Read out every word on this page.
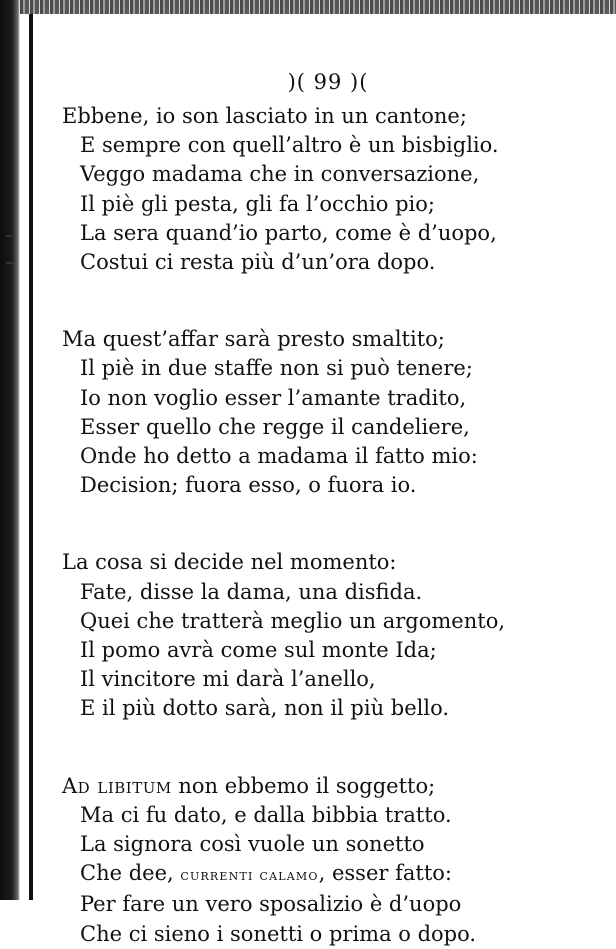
)( 99 )(
Ebbene, io son lasciato in un cantone;
E sempre con quell’altro è un bisbiglio.
Veggo madama che in conversazione,
Il piè gli pesta, gli fa l’occhio pio;
La sera quand’io parto, come è d’uopo,
Costui ci resta più d’un’ora dopo.
Ma quest’affar sarà presto smaltito;
Il piè in due staffe non si può tenere;
Io non voglio esser l’amante tradito,
Esser quello che regge il candeliere,
Onde ho detto a madama il fatto mio:
Decision; fuora esso, o fuora io.
La cosa si decide nel momento:
Fate, disse la dama, una disfida.
Quei che tratterà meglio un argomento,
Il pomo avrà come sul monte Ida;
Il vincitore mi darà l’anello,
E il più dotto sarà, non il più bello.
Ad libitum non ebbemo il soggetto;
Ma ci fu dato, e dalla bibbia tratto.
La signora così vuole un sonetto
Che dee, currenti calamo, esser fatto:
Per fare un vero sposalizio è d’uopo
Che ci sieno i sonetti o prima o dopo.
